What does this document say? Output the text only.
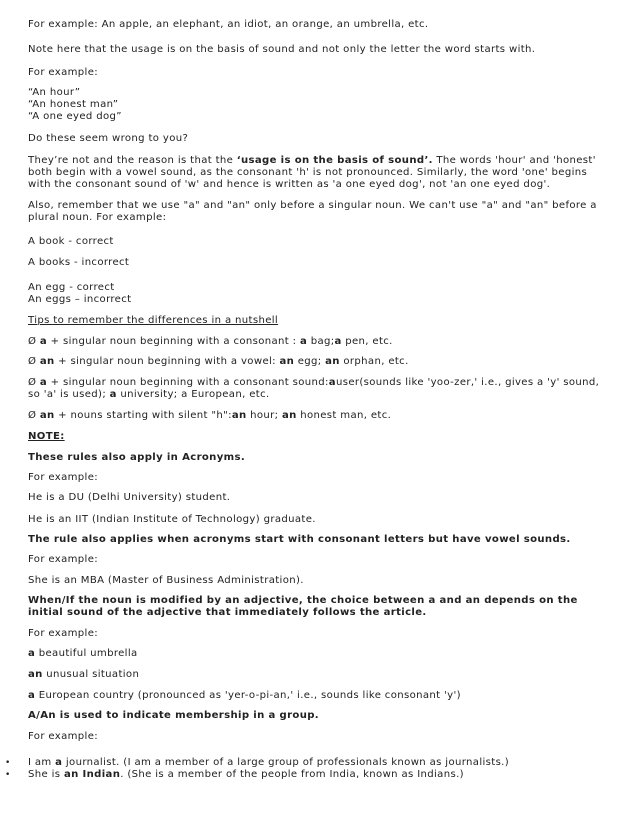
For example: An apple, an elephant, an idiot, an orange, an umbrella, etc.
Note here that the usage is on the basis of sound and not only the letter the word starts with.
For example:
“An hour”
“An honest man”
“A one eyed dog”
Do these seem wrong to you?
They’re not and the reason is that the ‘usage is on the basis of sound’. The words 'hour' and 'honest' both begin with a vowel sound, as the consonant 'h' is not pronounced. Similarly, the word 'one' begins with the consonant sound of 'w' and hence is written as 'a one eyed dog', not 'an one eyed dog'.
Also, remember that we use "a" and "an" only before a singular noun. We can't use "a" and "an" before a plural noun. For example:
A book - correct
A books - incorrect
An egg - correct
An eggs – incorrect
Tips to remember the differences in a nutshell
Ø a + singular noun beginning with a consonant : a bag;a pen, etc.
Ø an + singular noun beginning with a vowel: an egg; an orphan, etc.
Ø a + singular noun beginning with a consonant sound:auser(sounds like 'yoo-zer,' i.e., gives a 'y' sound, so 'a' is used); a university; a European, etc.
Ø an + nouns starting with silent "h":an hour; an honest man, etc.
NOTE:
These rules also apply in Acronyms.
For example:
He is a DU (Delhi University) student.
He is an IIT (Indian Institute of Technology) graduate.
The rule also applies when acronyms start with consonant letters but have vowel sounds.
For example:
She is an MBA (Master of Business Administration).
When/If the noun is modified by an adjective, the choice between a and an depends on the initial sound of the adjective that immediately follows the article.
For example:
a beautiful umbrella
an unusual situation
a European country (pronounced as 'yer-o-pi-an,' i.e., sounds like consonant 'y')
A/An is used to indicate membership in a group.
For example:
• I am a journalist. (I am a member of a large group of professionals known as journalists.)
• She is an Indian. (She is a member of the people from India, known as Indians.)
